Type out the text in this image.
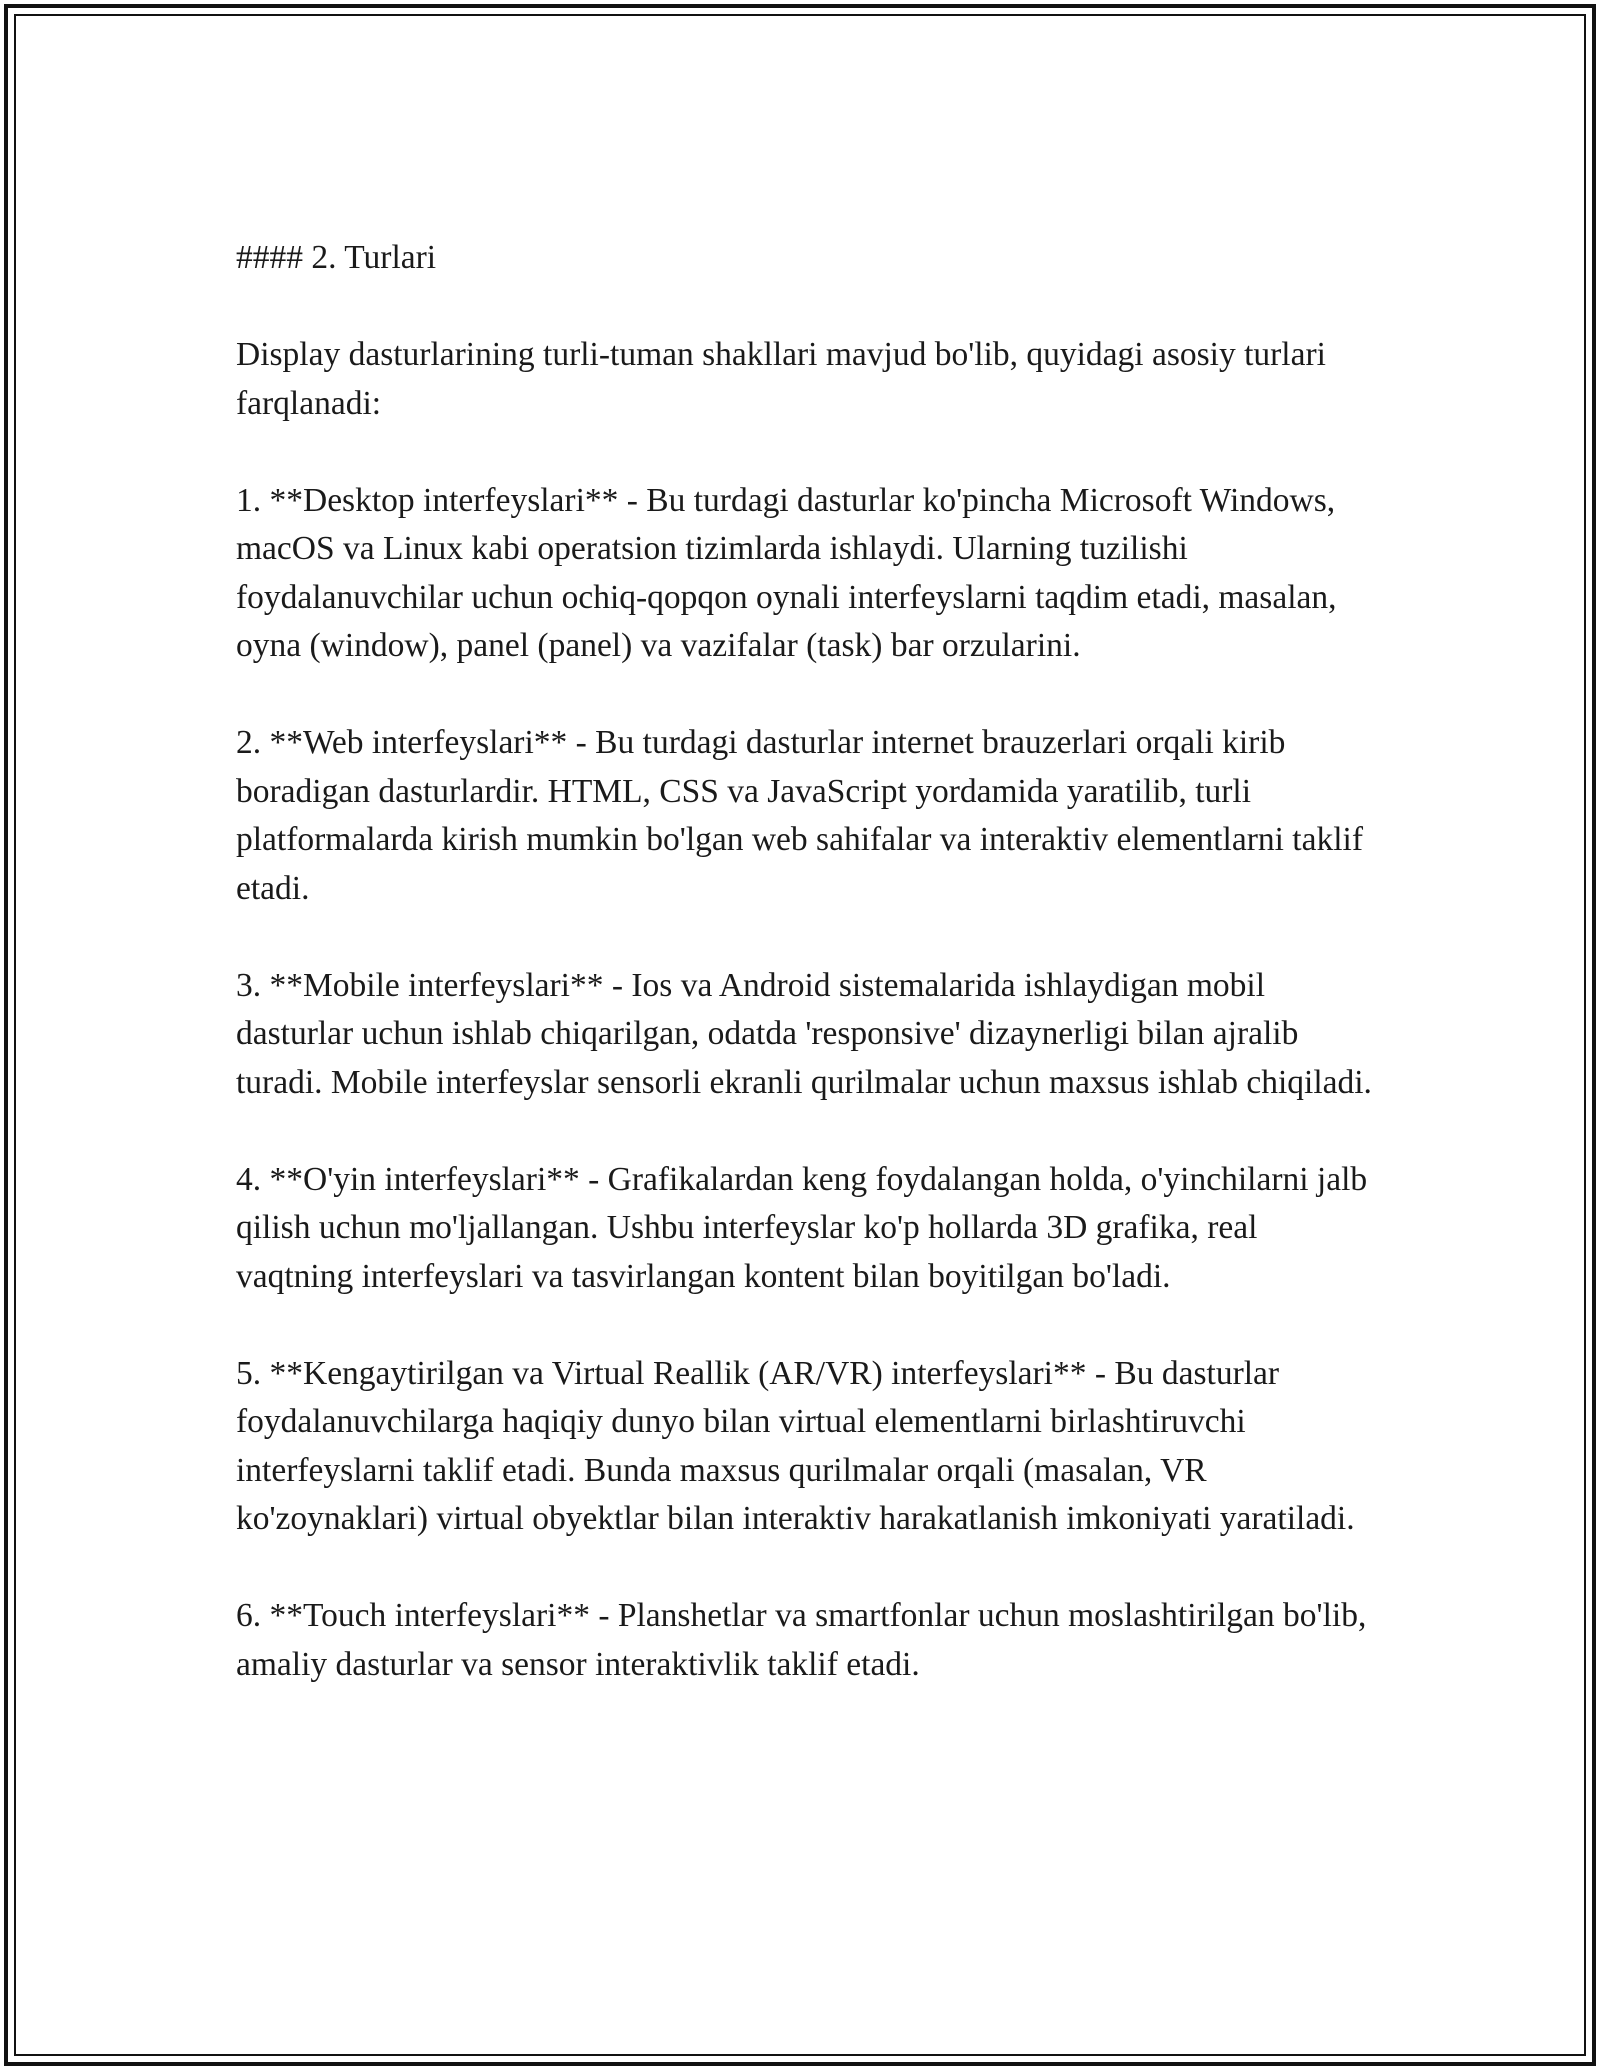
#### 2. Turlari

Display dasturlarining turli-tuman shakllari mavjud bo'lib, quyidagi asosiy turlari farqlanadi:

1. **Desktop interfeyslari** - Bu turdagi dasturlar ko'pincha Microsoft Windows, macOS va Linux kabi operatsion tizimlarda ishlaydi. Ularning tuzilishi foydalanuvchilar uchun ochiq-qopqon oynali interfeyslarni taqdim etadi, masalan, oyna (window), panel (panel) va vazifalar (task) bar orzularini.

2. **Web interfeyslari** - Bu turdagi dasturlar internet brauzerlari orqali kirib boradigan dasturlardir. HTML, CSS va JavaScript yordamida yaratilib, turli platformalarda kirish mumkin bo'lgan web sahifalar va interaktiv elementlarni taklif etadi.

3. **Mobile interfeyslari** - Ios va Android sistemalarida ishlaydigan mobil dasturlar uchun ishlab chiqarilgan, odatda 'responsive' dizaynerligi bilan ajralib turadi. Mobile interfeyslar sensorli ekranli qurilmalar uchun maxsus ishlab chiqiladi.

4. **O'yin interfeyslari** - Grafikalardan keng foydalangan holda, o'yinchilarni jalb qilish uchun mo'ljallangan. Ushbu interfeyslar ko'p hollarda 3D grafika, real vaqtning interfeyslari va tasvirlangan kontent bilan boyitilgan bo'ladi.

5. **Kengaytirilgan va Virtual Reallik (AR/VR) interfeyslari** - Bu dasturlar foydalanuvchilarga haqiqiy dunyo bilan virtual elementlarni birlashtiruvchi interfeyslarni taklif etadi. Bunda maxsus qurilmalar orqali (masalan, VR ko'zoynaklari) virtual obyektlar bilan interaktiv harakatlanish imkoniyati yaratiladi.

6. **Touch interfeyslari** - Planshetlar va smartfonlar uchun moslashtirilgan bo'lib, amaliy dasturlar va sensor interaktivlik taklif etadi.
